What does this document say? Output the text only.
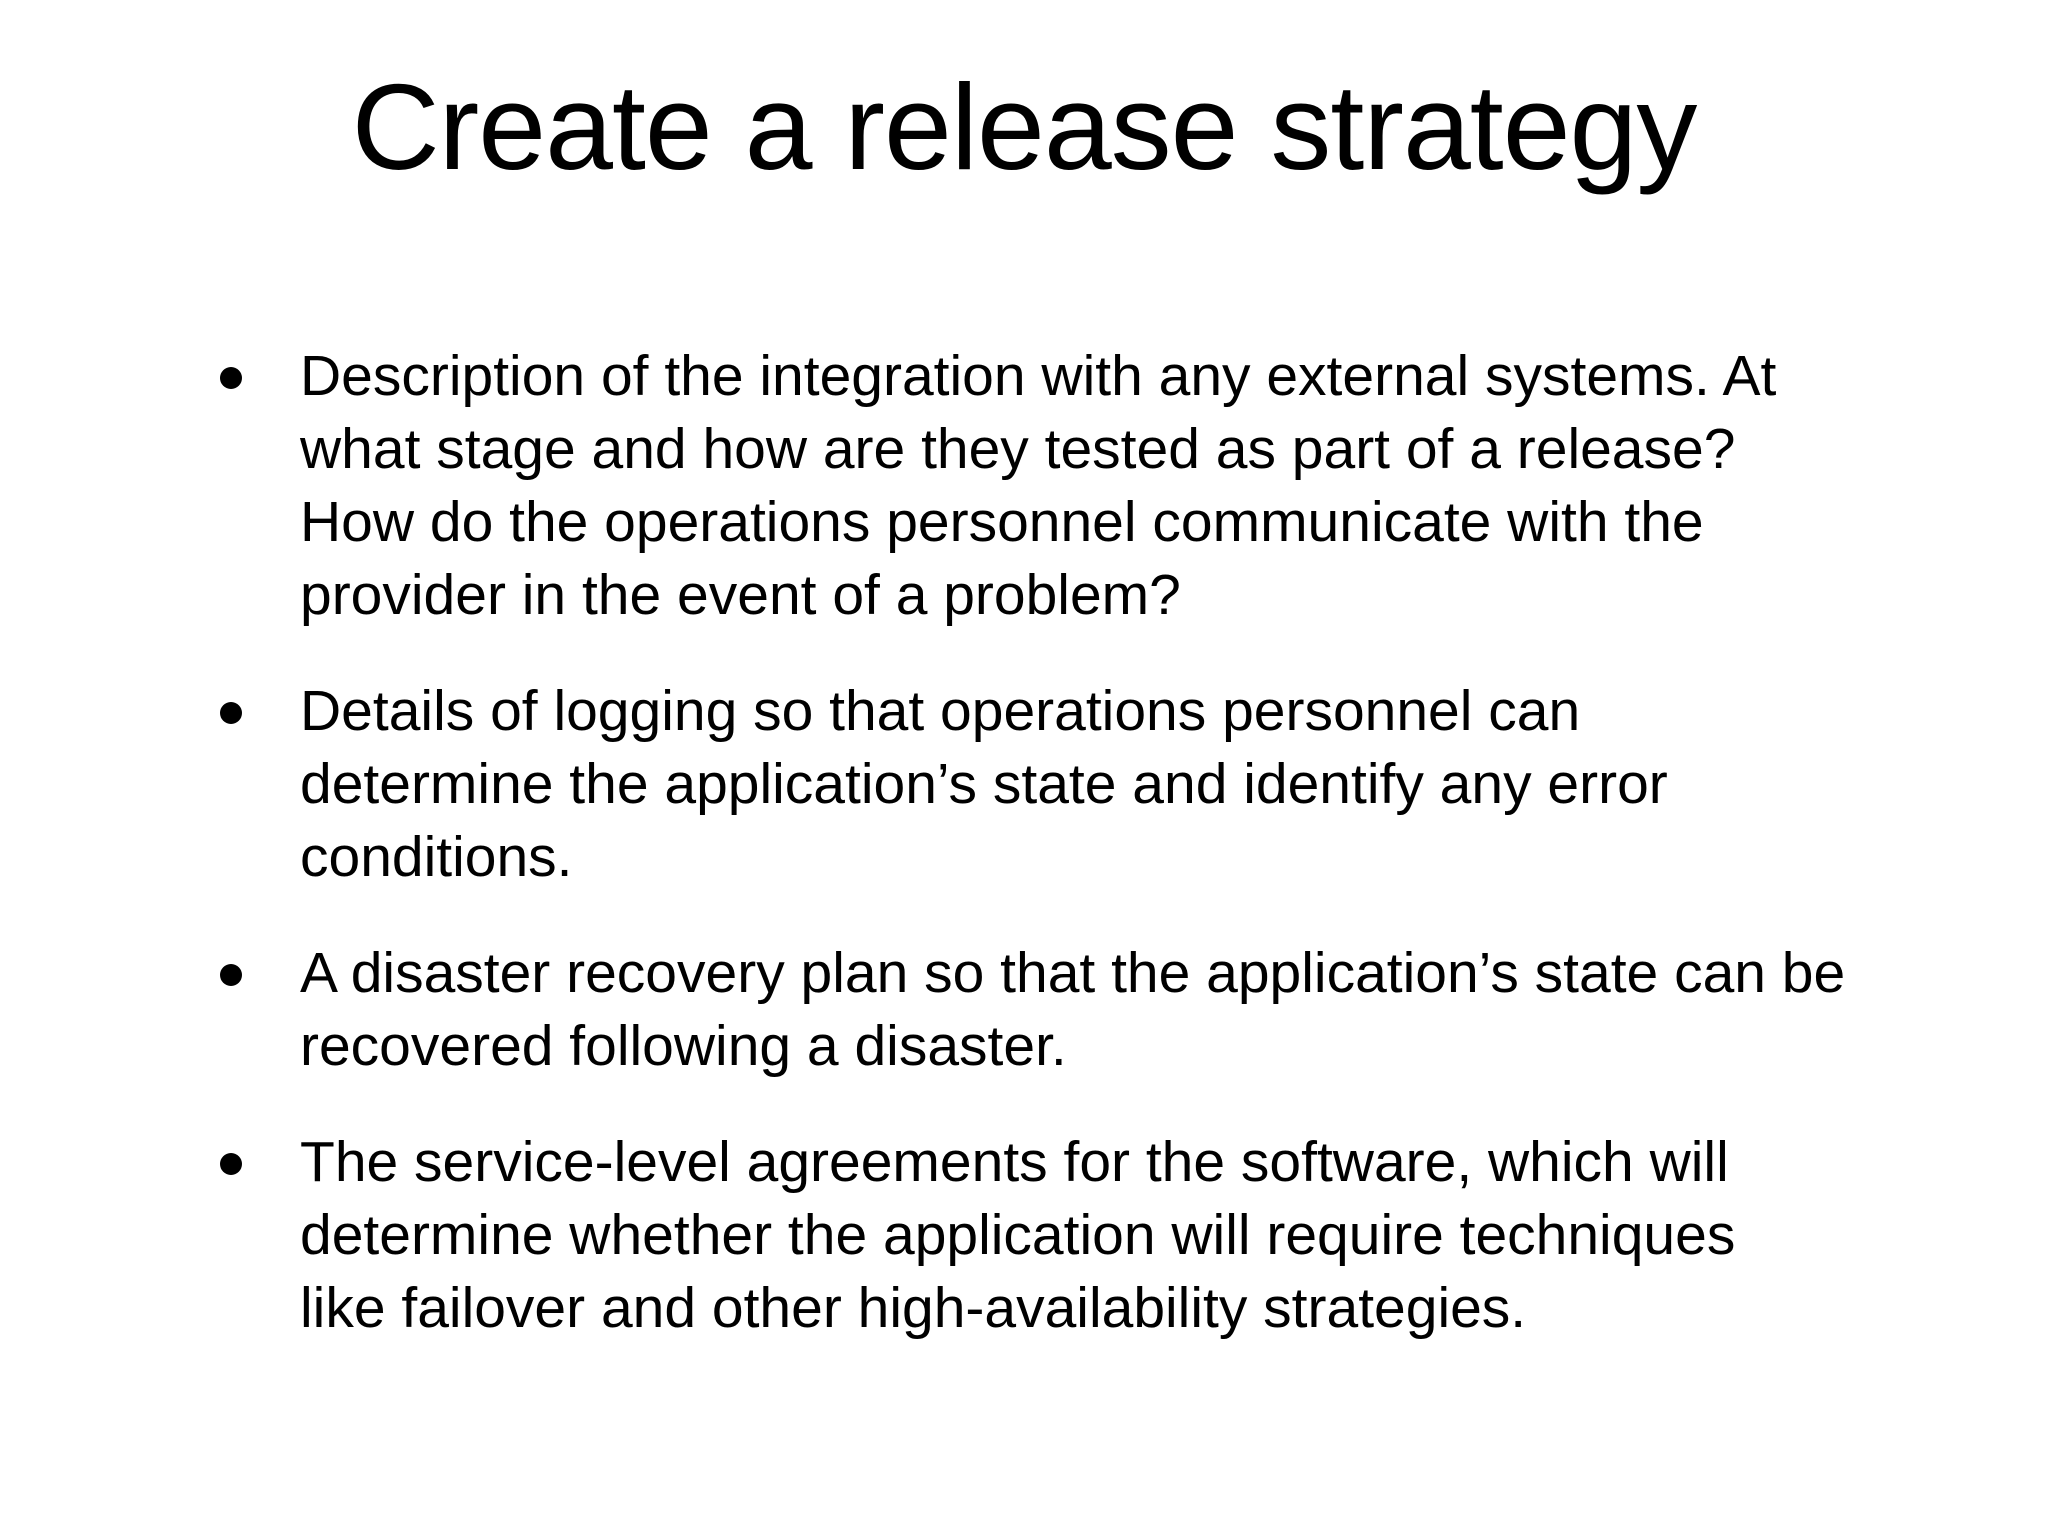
Create a release strategy
Description of the integration with any external systems. At
what stage and how are they tested as part of a release?
How do the operations personnel communicate with the
provider in the event of a problem?
Details of logging so that operations personnel can
determine the application’s state and identify any error
conditions.
A disaster recovery plan so that the application’s state can be
recovered following a disaster.
The service-level agreements for the software, which will
determine whether the application will require techniques
like failover and other high-availability strategies.
